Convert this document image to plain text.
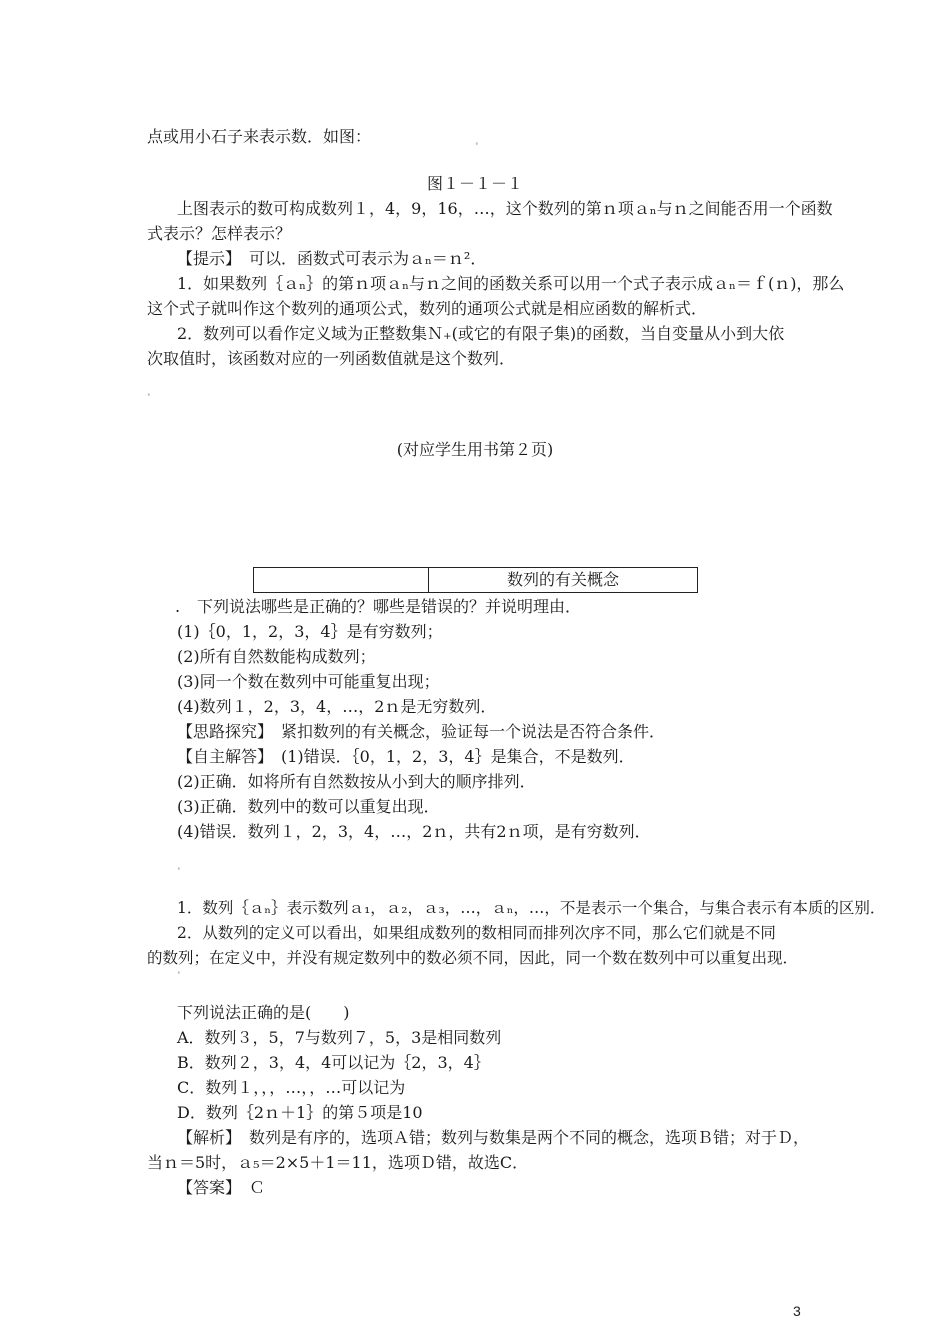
点或用小石子来表示数．如图：
˚
图１－１－１
上图表示的数可构成数列１，4，9，16，…，这个数列的第ｎ项ａₙ与ｎ之间能否用一个函数
式表示？怎样表示？
【提示】　可以．函数式可表示为ａₙ＝ｎ²．
1．如果数列｛ａₙ｝的第ｎ项ａₙ与ｎ之间的函数关系可以用一个式子表示成ａₙ＝ｆ(ｎ)，那么
这个式子就叫作这个数列的通项公式，数列的通项公式就是相应函数的解析式．
2．数列可以看作定义域为正整数集Ｎ₊(或它的有限子集)的函数，当自变量从小到大依
次取值时，该函数对应的一列函数值就是这个数列．
˚
(对应学生用书第２页)
数列的有关概念
. 下列说法哪些是正确的？哪些是错误的？并说明理由．
(1)｛0，1，2，3，4｝是有穷数列；
(2)所有自然数能构成数列；
(3)同一个数在数列中可能重复出现；
(4)数列１，2，3，4，…，2ｎ是无穷数列．
【思路探究】　紧扣数列的有关概念，验证每一个说法是否符合条件．
【自主解答】　(1)错误．｛0，1，2，3，4｝是集合，不是数列．
(2)正确．如将所有自然数按从小到大的顺序排列．
(3)正确．数列中的数可以重复出现．
(4)错误．数列１，2，3，4，…，2ｎ，共有2ｎ项，是有穷数列．
˚
1．数列｛ａₙ｝表示数列ａ₁，ａ₂，ａ₃，…，ａₙ，…，不是表示一个集合，与集合表示有本质的区别．
2．从数列的定义可以看出，如果组成数列的数相同而排列次序不同，那么它们就是不同
的数列；在定义中，并没有规定数列中的数必须不同，因此，同一个数在数列中可以重复出现．
˚
下列说法正确的是(　　)
A．数列３，5，7与数列７，5，3是相同数列
B．数列２，3，4，4可以记为｛2，3，4｝
C．数列１，，，…，，…可以记为
D．数列｛2ｎ＋1｝的第５项是10
【解析】　数列是有序的，选项Ａ错；数列与数集是两个不同的概念，选项Ｂ错；对于Ｄ，
当ｎ＝5时，ａ₅＝2×5＋1＝11，选项Ｄ错，故选C．
【答案】　Ｃ
3
